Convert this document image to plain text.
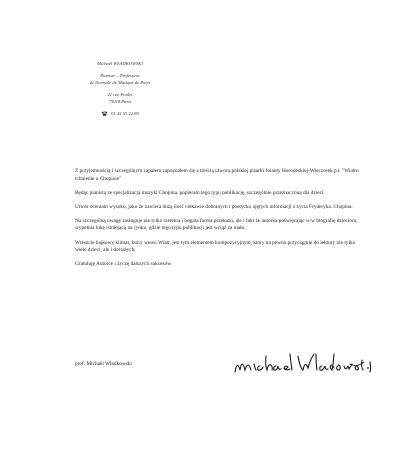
Michaël WŁADKOWSKI
Pianiste – Professeur
de Normale de Musique de Paris
21 rue Poulet
75018 Paris
01 42 55 22 89

Z przyjemnością i szczególnym zapałem zapoznałem się z treścią utworu polskiej pisarki Jolanty Horodeckiej-Wieczorek p.t. "Wiatru tchnienie o Chopinie"

Będąc pianistą ze specjalizacją muzyki Chopina, popieram tego typu publikację, szczególnie przeznaczoną dla dzieci.

Utwór oceniam wysoko, jako że zawiera dużą ilość ciekawie dobranych i poetycko ujętych informacji z życia Fryderyka. Chopina.

Na szczególną uwagę zasługuje nie tylko rzetelna i bogata forma przekazu, ale i fakt że autorka poświęcając w/w biografię dzieciom, wypełnia lukę istniejącą na rynku, gdzie tego typu publikacji jest wciąż za mało.

Wreszcie bajkowy klimat, który wnosi Wiatr, jest tym elementem kompozycyjnym, który na pewno przyciągnie do lektury nie tylko wiele dzieci, ale i dorosłych.

Gratuluję Autorce i życzę dalszych sukcesów.

prof. Michaël Władkowski
